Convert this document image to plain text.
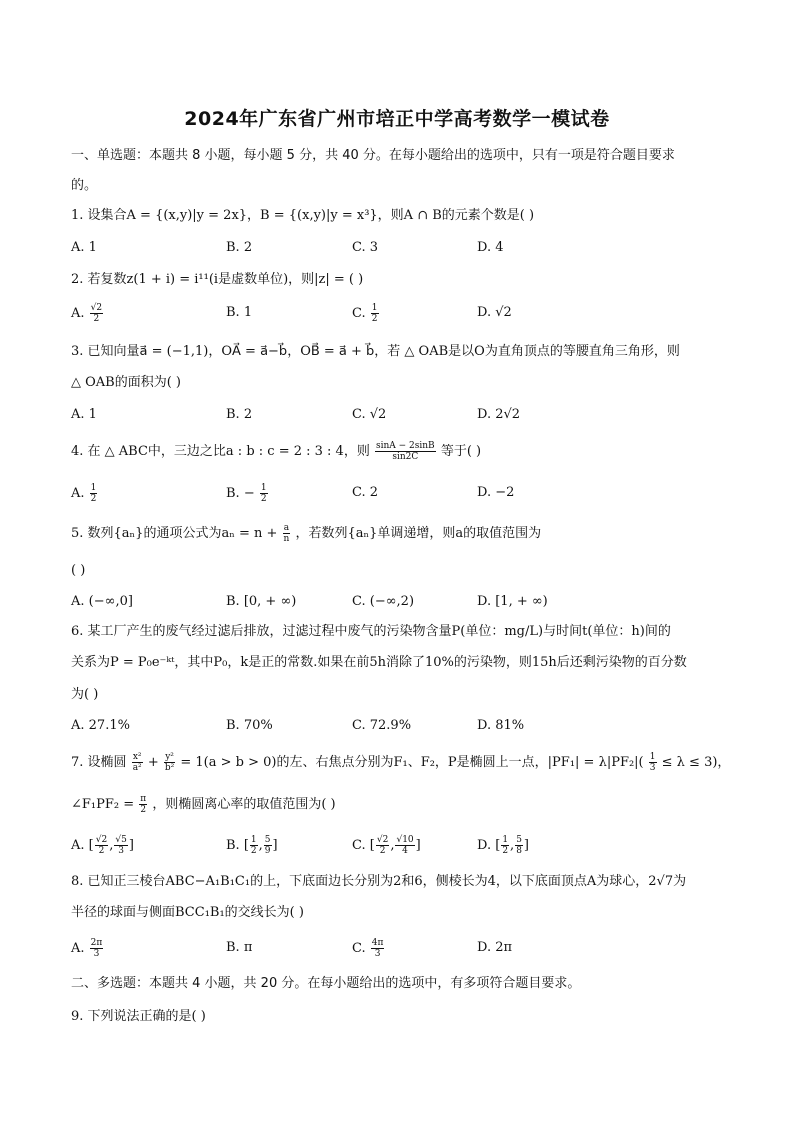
2024年广东省广州市培正中学高考数学一模试卷
一、单选题：本题共 8 小题，每小题 5 分，共 40 分。在每小题给出的选项中，只有一项是符合题目要求
的。
1. 设集合A = {(x,y)|y = 2x}，B = {(x,y)|y = x³}，则A ∩ B的元素个数是( )
A. 1	B. 2	C. 3	D. 4
2. 若复数z(1 + i) = i¹¹(i是虚数单位)，则|z| = ( )
A. $\frac{√2}{2}$	B. 1	C. $\frac{1}{2}$	D. √2
3. 已知向量a⃗ = (−1,1)，OA⃗ = a⃗−b⃗，OB⃗ = a⃗ + b⃗，若 △ OAB是以O为直角顶点的等腰直角三角形，则
△ OAB的面积为( )
A. 1	B. 2	C. √2	D. 2√2
4. 在 △ ABC中，三边之比a : b : c = 2 : 3 : 4，则 $\frac{\sin A - 2\sin B}{\sin 2C}$ 等于( )
A. $\frac{1}{2}$	B. − $\frac{1}{2}$	C. 2	D. −2
5. 数列{aₙ}的通项公式为$a_n = n + \frac{a}{n}$ ，若数列{aₙ}单调递增，则a的取值范围为
( )
A. (−∞,0]	B. [0, + ∞)	C. (−∞,2)	D. [1, + ∞)
6. 某工厂产生的废气经过滤后排放，过滤过程中废气的污染物含量P(单位：mg/L)与时间t(单位：h)间的
关系为P = P₀e⁻ᵏᵗ，其中P₀，k是正的常数.如果在前5h消除了10%的污染物，则15h后还剩污染物的百分数
为( )
A. 27.1%	B. 70%	C. 72.9%	D. 81%
7. 设椭圆 $\frac{\text{x²}}{\text{a²}} + \frac{\text{y²}}{\text{b²}} = 1(a > b > 0)$的左、右焦点分别为F₁、F₂，P是椭圆上一点，$|PF_1| = \lambda|PF_2|( \frac{1}{3} \le \lambda \le 3)$，
∠F₁PF₂ = $\frac{\pi}{2}$ ，则椭圆离心率的取值范围为( )
A. [ $\frac{√2}{2}$ , $\frac{√5}{3}$ ]	B. [ $\frac{1}{2}$ , $\frac{5}{9}$ ]	C. [ $\frac{√2}{2}$ , $\frac{√10}{4}$ ]	D. [ $\frac{1}{2}$ , $\frac{5}{8}$ ]
8. 已知正三棱台ABC−A₁B₁C₁的上，下底面边长分别为2和6，侧棱长为4，以下底面顶点A为球心，2√7为
半径的球面与侧面BCC₁B₁的交线长为( )
A. $\frac{2\pi}{3}$	B. π	C. $\frac{4\pi}{3}$	D. 2π
二、多选题：本题共 4 小题，共 20 分。在每小题给出的选项中，有多项符合题目要求。
9. 下列说法正确的是( )
